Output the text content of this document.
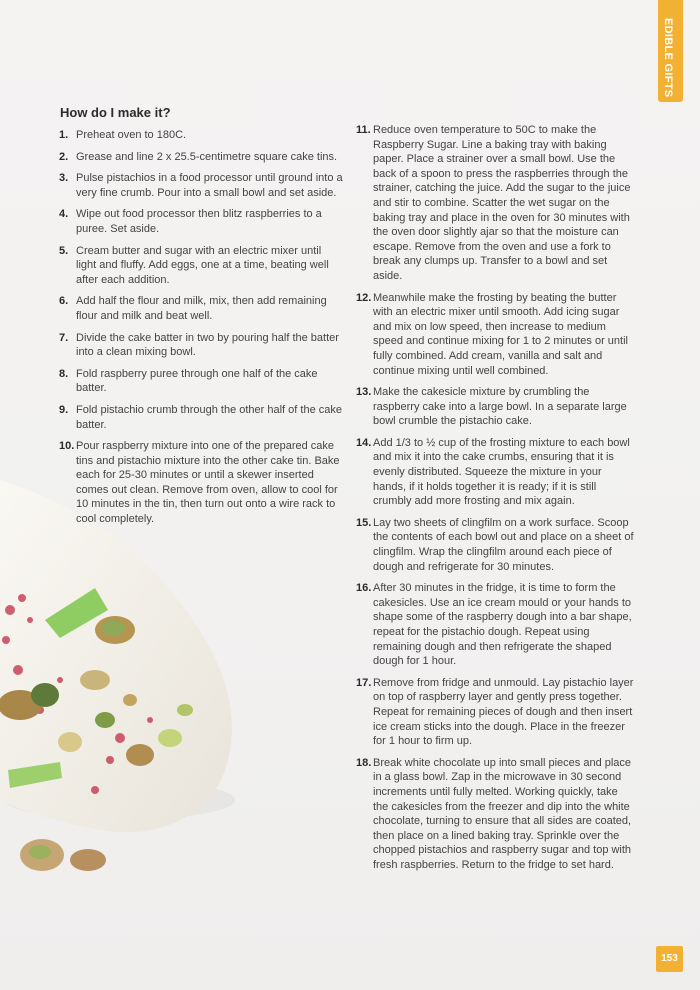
EDIBLE GIFTS
How do I make it?
1. Preheat oven to 180C.
2. Grease and line 2 x 25.5-centimetre square cake tins.
3. Pulse pistachios in a food processor until ground into a very fine crumb. Pour into a small bowl and set aside.
4. Wipe out food processor then blitz raspberries to a puree. Set aside.
5. Cream butter and sugar with an electric mixer until light and fluffy. Add eggs, one at a time, beating well after each addition.
6. Add half the flour and milk, mix, then add remaining flour and milk and beat well.
7. Divide the cake batter in two by pouring half the batter into a clean mixing bowl.
8. Fold raspberry puree through one half of the cake batter.
9. Fold pistachio crumb through the other half of the cake batter.
10. Pour raspberry mixture into one of the prepared cake tins and pistachio mixture into the other cake tin. Bake each for 25-30 minutes or until a skewer inserted comes out clean. Remove from oven, allow to cool for 10 minutes in the tin, then turn out onto a wire rack to cool completely.
11. Reduce oven temperature to 50C to make the Raspberry Sugar. Line a baking tray with baking paper. Place a strainer over a small bowl. Use the back of a spoon to press the raspberries through the strainer, catching the juice. Add the sugar to the juice and stir to combine. Scatter the wet sugar on the baking tray and place in the oven for 30 minutes with the oven door slightly ajar so that the moisture can escape. Remove from the oven and use a fork to break any clumps up. Transfer to a bowl and set aside.
12. Meanwhile make the frosting by beating the butter with an electric mixer until smooth. Add icing sugar and mix on low speed, then increase to medium speed and continue mixing for 1 to 2 minutes or until fully combined. Add cream, vanilla and salt and continue mixing until well combined.
13. Make the cakesicle mixture by crumbling the raspberry cake into a large bowl. In a separate large bowl crumble the pistachio cake.
14. Add 1/3 to ½ cup of the frosting mixture to each bowl and mix it into the cake crumbs, ensuring that it is evenly distributed. Squeeze the mixture in your hands, if it holds together it is ready; if it is still crumbly add more frosting and mix again.
15. Lay two sheets of clingfilm on a work surface. Scoop the contents of each bowl out and place on a sheet of clingfilm. Wrap the clingfilm around each piece of dough and refrigerate for 30 minutes.
16. After 30 minutes in the fridge, it is time to form the cakesicles. Use an ice cream mould or your hands to shape some of the raspberry dough into a bar shape, repeat for the pistachio dough. Repeat using remaining dough and then refrigerate the shaped dough for 1 hour.
17. Remove from fridge and unmould. Lay pistachio layer on top of raspberry layer and gently press together. Repeat for remaining pieces of dough and then insert ice cream sticks into the dough. Place in the freezer for 1 hour to firm up.
18. Break white chocolate up into small pieces and place in a glass bowl. Zap in the microwave in 30 second increments until fully melted. Working quickly, take the cakesicles from the freezer and dip into the white chocolate, turning to ensure that all sides are coated, then place on a lined baking tray. Sprinkle over the chopped pistachios and raspberry sugar and top with fresh raspberries. Return to the fridge to set hard.
153
